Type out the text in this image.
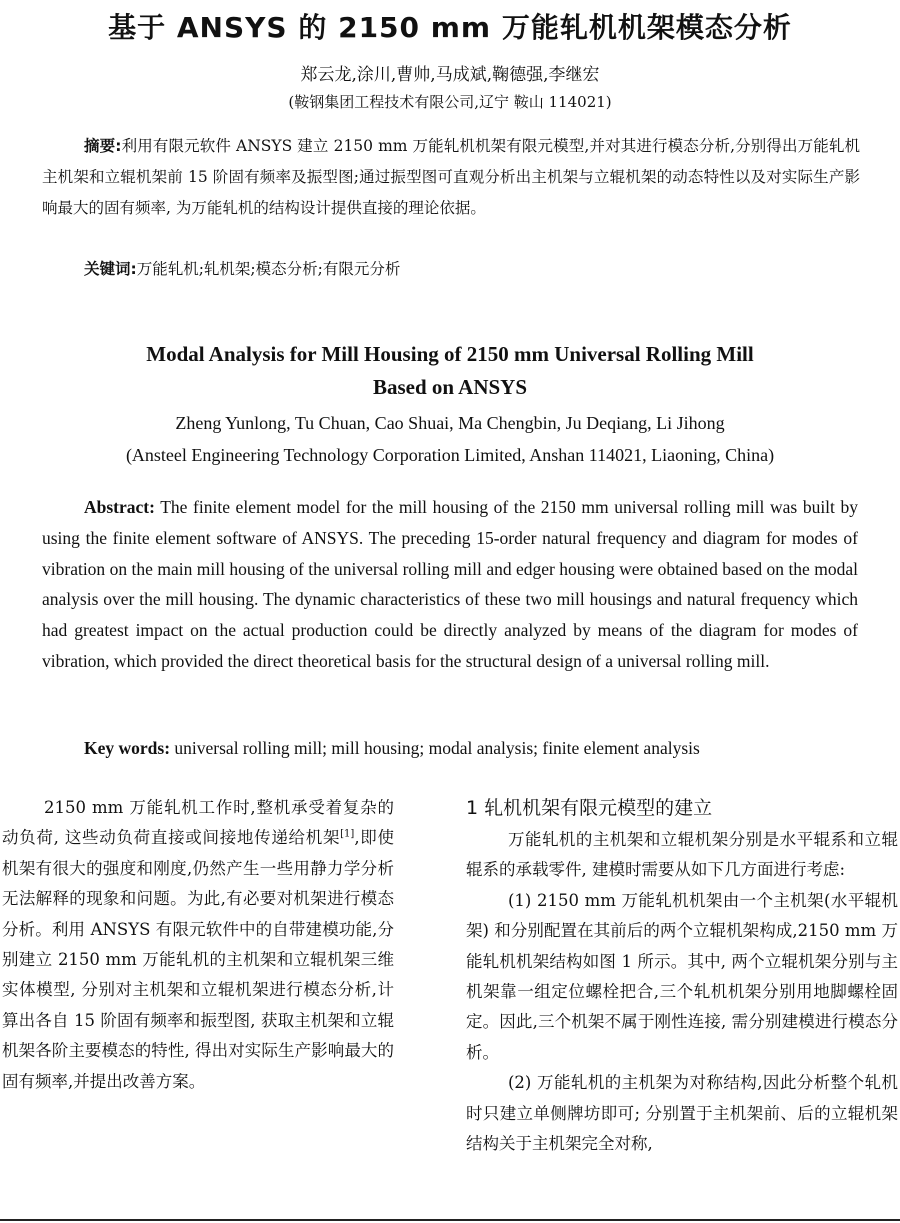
基于 ANSYS 的 2150 mm 万能轧机机架模态分析
郑云龙,涂川,曹帅,马成斌,鞠德强,李继宏
(鞍钢集团工程技术有限公司,辽宁 鞍山 114021)
摘要:利用有限元软件 ANSYS 建立 2150 mm 万能轧机机架有限元模型,并对其进行模态分析,分别得出万能轧机主机架和立辊机架前 15 阶固有频率及振型图;通过振型图可直观分析出主机架与立辊机架的动态特性以及对实际生产影响最大的固有频率, 为万能轧机的结构设计提供直接的理论依据。
关键词:万能轧机;轧机架;模态分析;有限元分析
Modal Analysis for Mill Housing of 2150 mm Universal Rolling Mill
Based on ANSYS
Zheng Yunlong, Tu Chuan, Cao Shuai, Ma Chengbin, Ju Deqiang, Li Jihong
(Ansteel Engineering Technology Corporation Limited, Anshan 114021, Liaoning, China)
Abstract: The finite element model for the mill housing of the 2150 mm universal rolling mill was built by using the finite element software of ANSYS. The preceding 15-order natural frequency and diagram for modes of vibration on the main mill housing of the universal rolling mill and edger housing were obtained based on the modal analysis over the mill housing. The dynamic characteristics of these two mill housings and natural frequency which had greatest impact on the actual production could be directly analyzed by means of the diagram for modes of vibration, which provided the direct theoretical basis for the structural design of a universal rolling mill.
Key words: universal rolling mill; mill housing; modal analysis; finite element analysis

2150 mm 万能轧机工作时,整机承受着复杂的动负荷, 这些动负荷直接或间接地传递给机架[1],即使机架有很大的强度和刚度,仍然产生一些用静力学分析无法解释的现象和问题。为此,有必要对机架进行模态分析。利用 ANSYS 有限元软件中的自带建模功能,分别建立 2150 mm 万能轧机的主机架和立辊机架三维实体模型, 分别对主机架和立辊机架进行模态分析,计算出各自 15 阶固有频率和振型图, 获取主机架和立辊机架各阶主要模态的特性, 得出对实际生产影响最大的固有频率,并提出改善方案。

1 轧机机架有限元模型的建立

万能轧机的主机架和立辊机架分别是水平辊系和立辊辊系的承载零件, 建模时需要从如下几方面进行考虑:

(1) 2150 mm 万能轧机机架由一个主机架(水平辊机架) 和分别配置在其前后的两个立辊机架构成,2150 mm 万能轧机机架结构如图 1 所示。其中, 两个立辊机架分别与主机架靠一组定位螺栓把合,三个轧机机架分别用地脚螺栓固定。因此,三个机架不属于刚性连接, 需分别建模进行模态分析。

(2) 万能轧机的主机架为对称结构,因此分析整个轧机时只建立单侧牌坊即可; 分别置于主机架前、后的立辊机架结构关于主机架完全对称,
